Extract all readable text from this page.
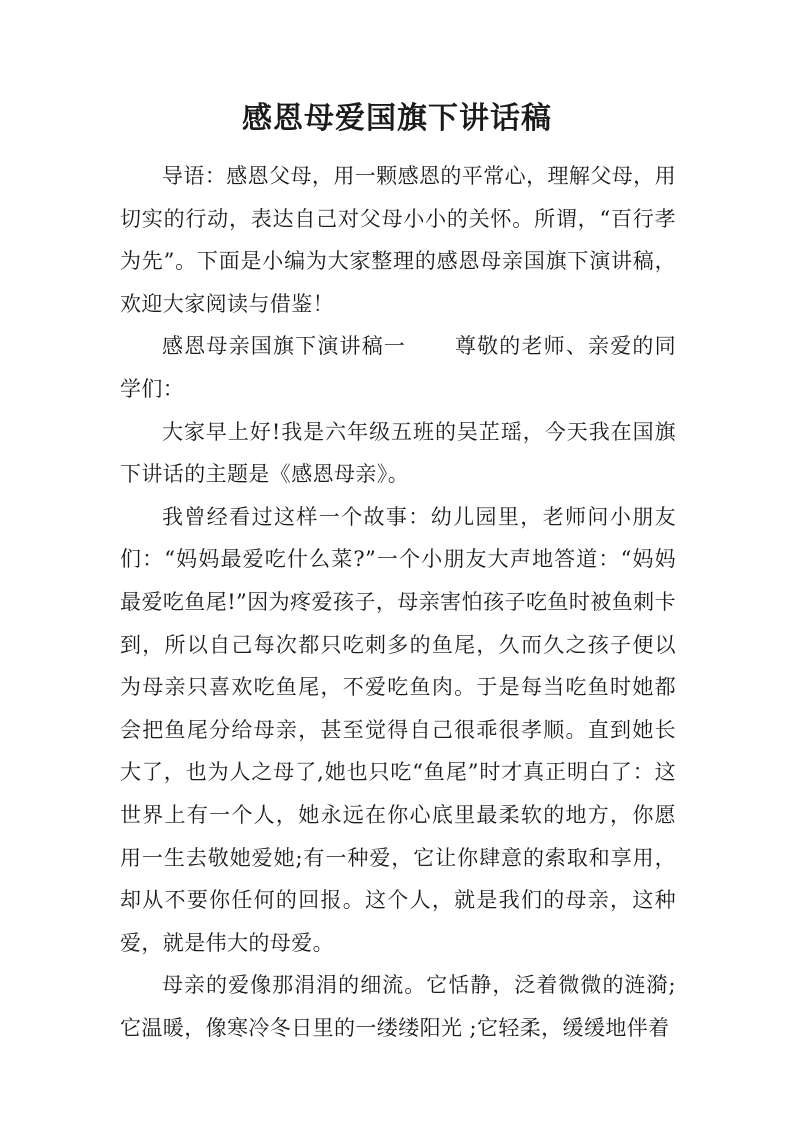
感恩母爱国旗下讲话稿

导语：感恩父母，用一颗感恩的平常心，理解父母，用切实的行动，表达自己对父母小小的关怀。所谓，“百行孝为先”。下面是小编为大家整理的感恩母亲国旗下演讲稿，欢迎大家阅读与借鉴！

感恩母亲国旗下演讲稿一 尊敬的老师、亲爱的同学们：

大家早上好!我是六年级五班的吴芷瑶，今天我在国旗下讲话的主题是《感恩母亲》。

我曾经看过这样一个故事：幼儿园里，老师问小朋友们：“妈妈最爱吃什么菜?”一个小朋友大声地答道：“妈妈最爱吃鱼尾!”因为疼爱孩子，母亲害怕孩子吃鱼时被鱼刺卡到，所以自己每次都只吃刺多的鱼尾，久而久之孩子便以为母亲只喜欢吃鱼尾，不爱吃鱼肉。于是每当吃鱼时她都会把鱼尾分给母亲，甚至觉得自己很乖很孝顺。直到她长大了，也为人之母了,她也只吃“鱼尾”时才真正明白了：这世界上有一个人，她永远在你心底里最柔软的地方，你愿用一生去敬她爱她;有一种爱，它让你肆意的索取和享用，却从不要你任何的回报。这个人，就是我们的母亲，这种爱，就是伟大的母爱。

母亲的爱像那涓涓的细流。它恬静，泛着微微的涟漪;它温暖，像寒冷冬日里的一缕缕阳光 ;它轻柔，缓缓地伴着
